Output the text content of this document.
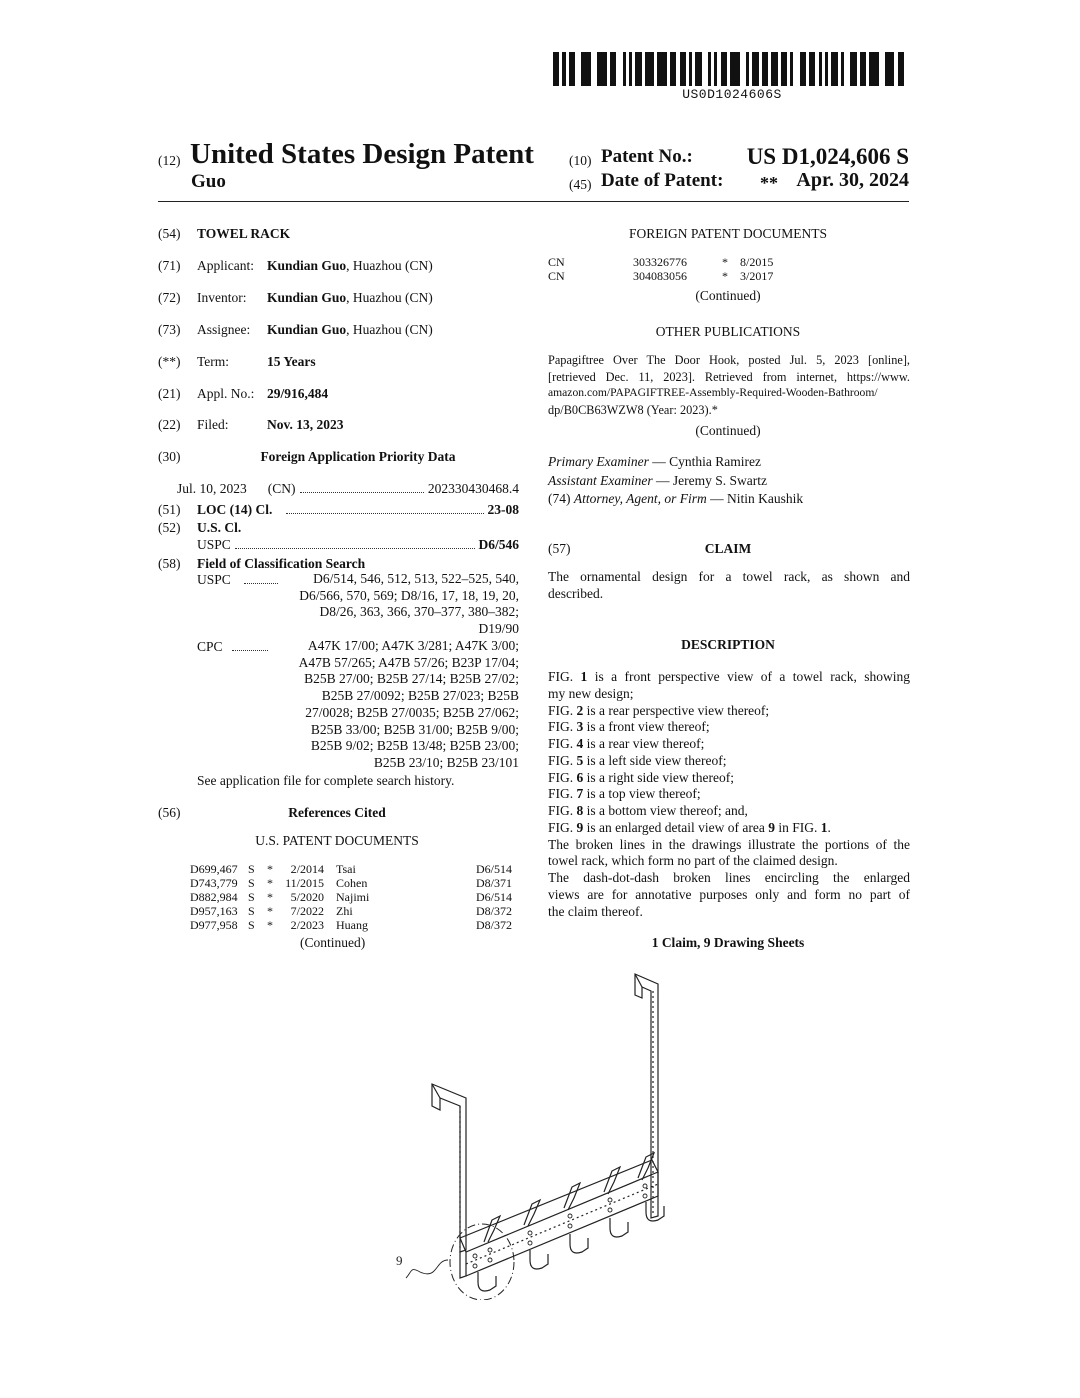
US0D1024606S
(12) United States Design Patent
Guo
(10) Patent No.: US D1,024,606 S
(45) Date of Patent: ** Apr. 30, 2024
(54) TOWEL RACK
(71) Applicant: Kundian Guo, Huazhou (CN)
(72) Inventor: Kundian Guo, Huazhou (CN)
(73) Assignee: Kundian Guo, Huazhou (CN)
(**) Term:	15 Years
(21) Appl. No.: 29/916,484
(22) Filed:	Nov. 13, 2023
(30)	Foreign Application Priority Data
Jul. 10, 2023 (CN)	202330430468.4
(51) LOC (14) Cl.	23-08
(52) U.S. Cl.
USPC	D6/546
(58) Field of Classification Search
USPC	D6/514, 546, 512, 513, 522–525, 540,
D6/566, 570, 569; D8/16, 17, 18, 19, 20,
D8/26, 363, 366, 370–377, 380–382;
D19/90
CPC	A47K 17/00; A47K 3/281; A47K 3/00;
A47B 57/265; A47B 57/26; B23P 17/04;
B25B 27/00; B25B 27/14; B25B 27/02;
B25B 27/0092; B25B 27/023; B25B
27/0028; B25B 27/0035; B25B 27/062;
B25B 33/00; B25B 31/00; B25B 9/00;
B25B 9/02; B25B 13/48; B25B 23/00;
B25B 23/10; B25B 23/101
See application file for complete search history.
(56)	References Cited
U.S. PATENT DOCUMENTS
D699,467 S *	2/2014 Tsai	D6/514
D743,779 S * 11/2015 Cohen	D8/371
D882,984 S *	5/2020 Najimi	D6/514
D957,163 S *	7/2022 Zhi	D8/372
D977,958 S *	2/2023 Huang	D8/372
(Continued)
FOREIGN PATENT DOCUMENTS
CN	303326776	* 8/2015
CN	304083056	* 3/2017
(Continued)
OTHER PUBLICATIONS
Papagiftree Over The Door Hook, posted Jul. 5, 2023 [online],
[retrieved Dec. 11, 2023]. Retrieved from internet, https://www.
amazon.com/PAPAGIFTREE-Assembly-Required-Wooden-Bathroom/
dp/B0CB63WZW8 (Year: 2023).*
(Continued)
Primary Examiner — Cynthia Ramirez
Assistant Examiner — Jeremy S. Swartz
(74) Attorney, Agent, or Firm — Nitin Kaushik
(57)	CLAIM
The ornamental design for a towel rack, as shown and
described.
DESCRIPTION
FIG. 1 is a front perspective view of a towel rack, showing
my new design;
FIG. 2 is a rear perspective view thereof;
FIG. 3 is a front view thereof;
FIG. 4 is a rear view thereof;
FIG. 5 is a left side view thereof;
FIG. 6 is a right side view thereof;
FIG. 7 is a top view thereof;
FIG. 8 is a bottom view thereof; and,
FIG. 9 is an enlarged detail view of area 9 in FIG. 1.
The broken lines in the drawings illustrate the portions of the
towel rack, which form no part of the claimed design.
The dash-dot-dash broken lines encircling the enlarged
views are for annotative purposes only and form no part of
the claim thereof.
1 Claim, 9 Drawing Sheets
9
